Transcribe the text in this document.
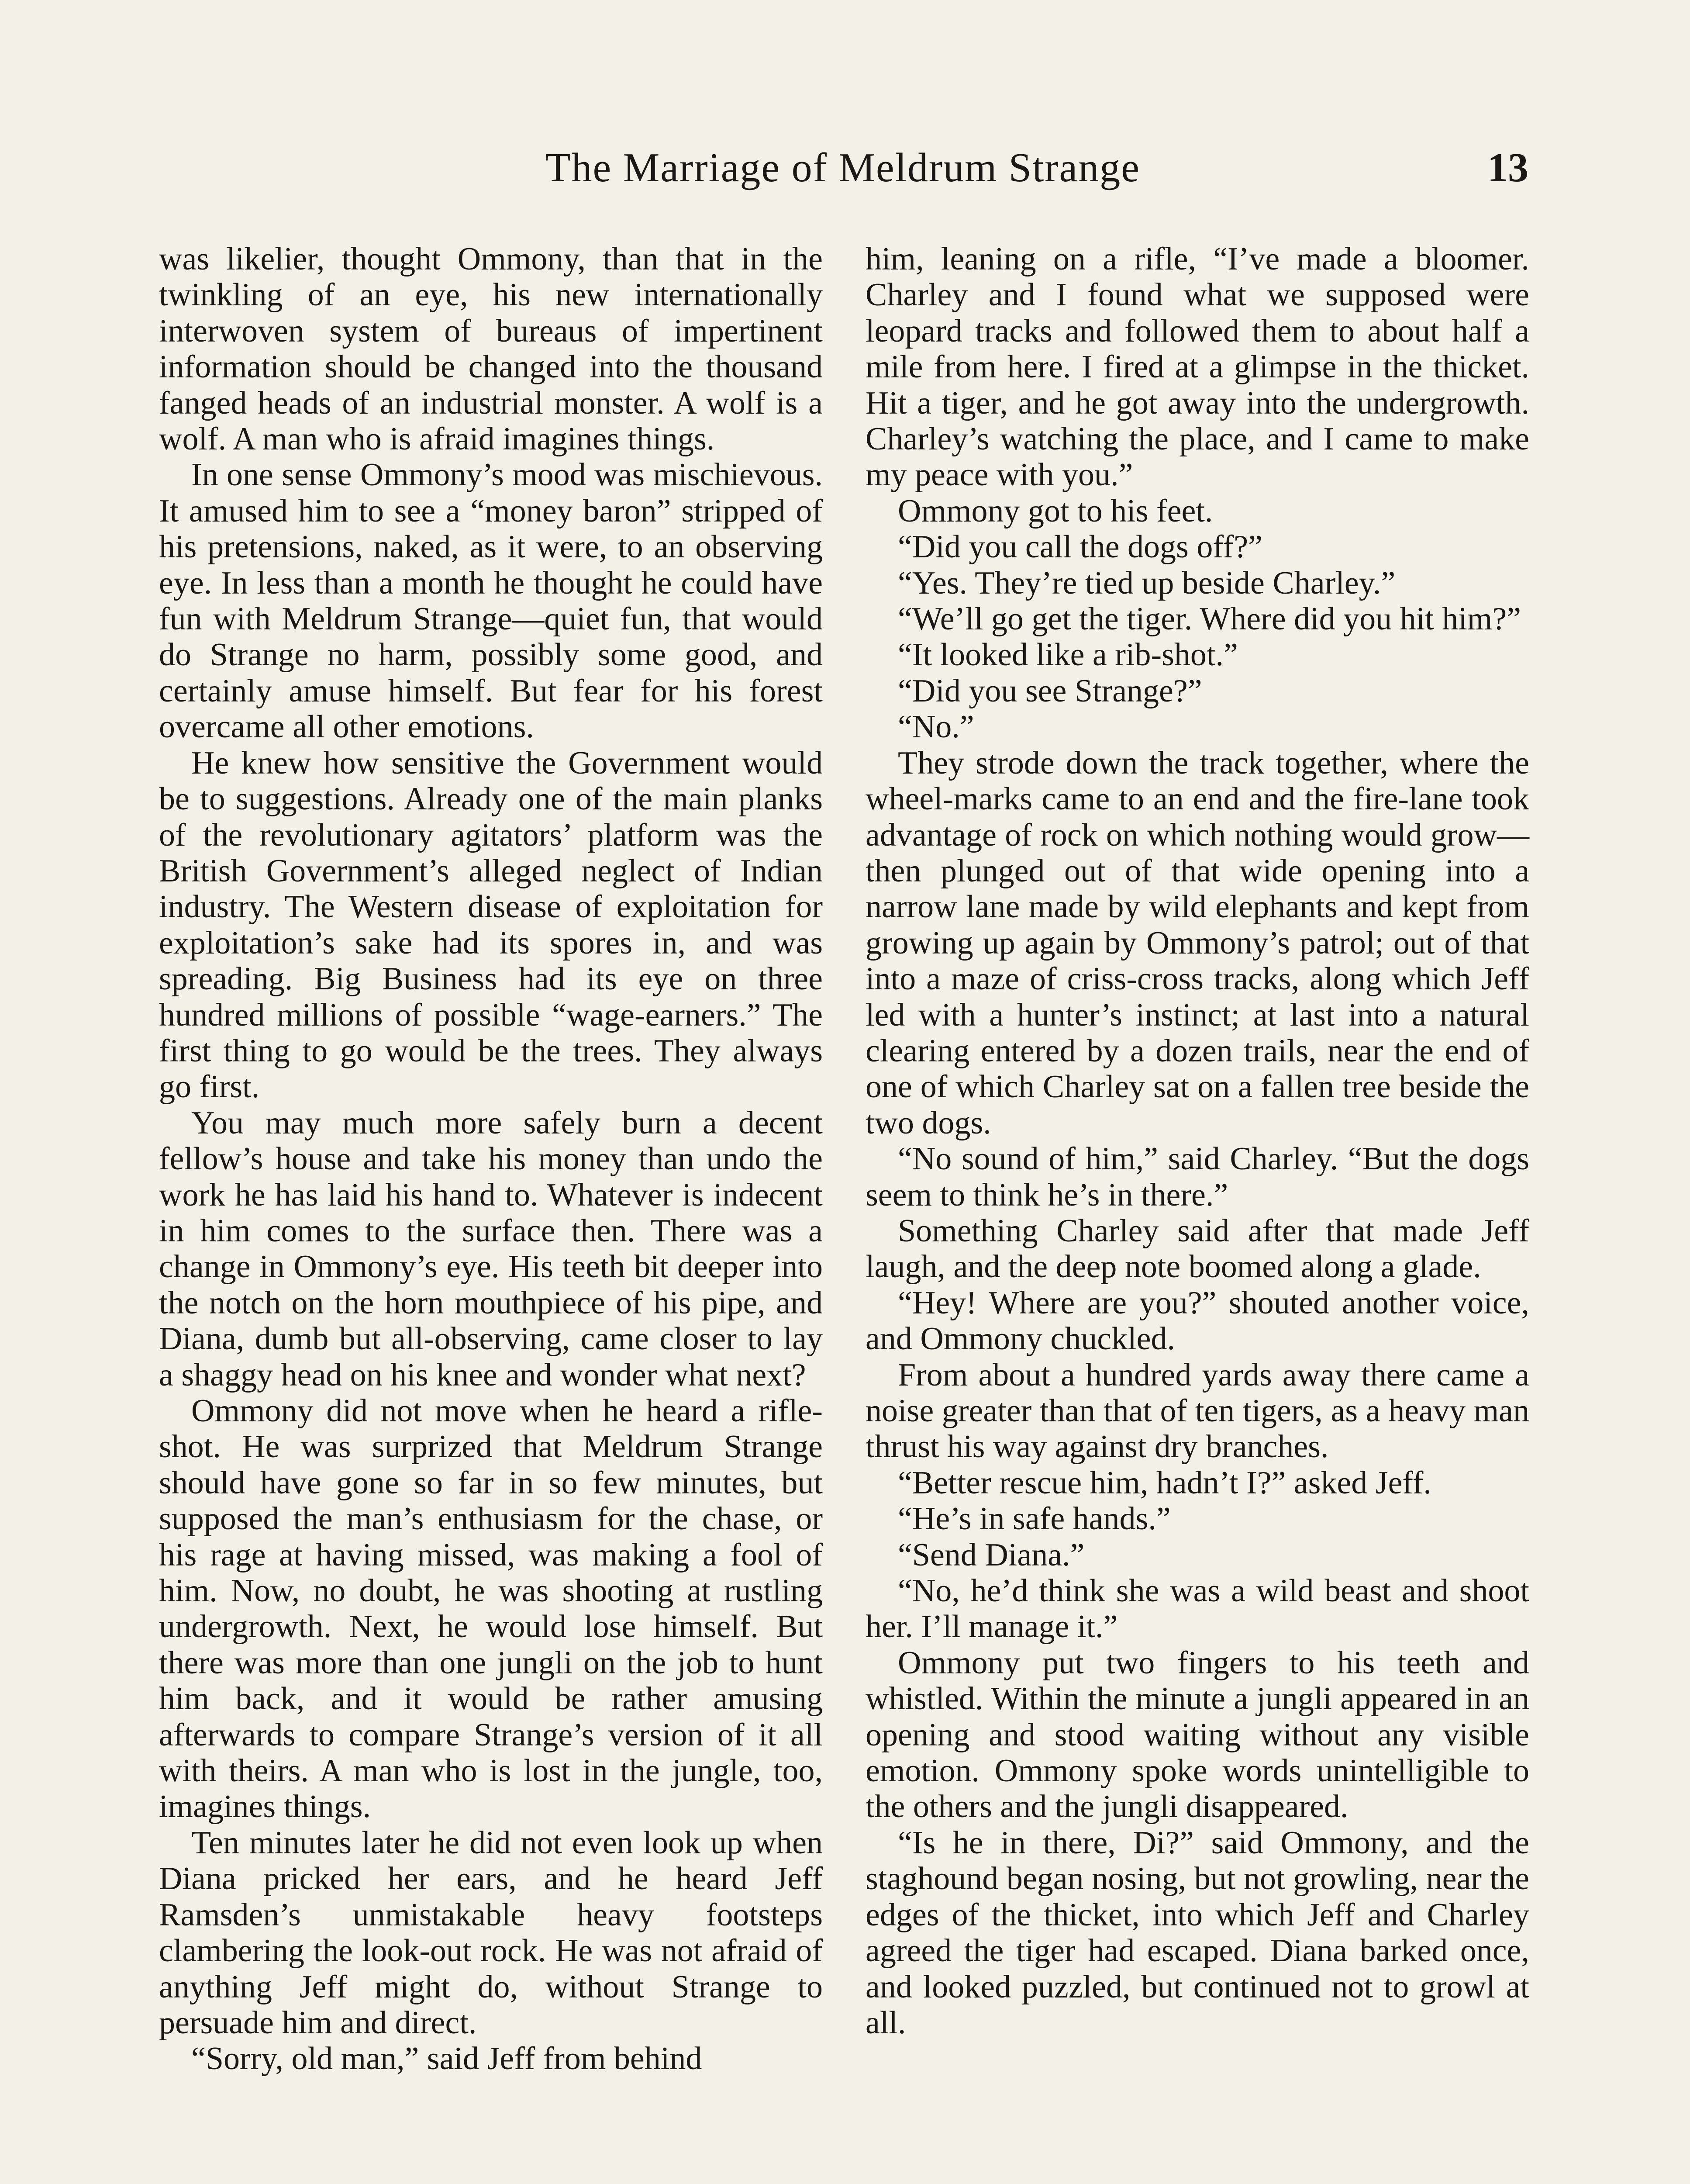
The Marriage of Meldrum Strange	13

was likelier, thought Ommony, than that in the twinkling of an eye, his new internationally interwoven system of bureaus of impertinent information should be changed into the thousand fanged heads of an industrial monster. A wolf is a wolf. A man who is afraid imagines things.

In one sense Ommony’s mood was mischievous. It amused him to see a “money baron” stripped of his pretensions, naked, as it were, to an observing eye. In less than a month he thought he could have fun with Meldrum Strange—quiet fun, that would do Strange no harm, possibly some good, and certainly amuse himself. But fear for his forest overcame all other emotions.

He knew how sensitive the Government would be to suggestions. Already one of the main planks of the revolutionary agitators’ platform was the British Government’s alleged neglect of Indian industry. The Western disease of exploitation for exploitation’s sake had its spores in, and was spreading. Big Business had its eye on three hundred millions of possible “wage-earners.” The first thing to go would be the trees. They always go first.

You may much more safely burn a decent fellow’s house and take his money than undo the work he has laid his hand to. Whatever is indecent in him comes to the surface then. There was a change in Ommony’s eye. His teeth bit deeper into the notch on the horn mouthpiece of his pipe, and Diana, dumb but all-observing, came closer to lay a shaggy head on his knee and wonder what next?

Ommony did not move when he heard a rifle-shot. He was surprized that Meldrum Strange should have gone so far in so few minutes, but supposed the man’s enthusiasm for the chase, or his rage at having missed, was making a fool of him. Now, no doubt, he was shooting at rustling undergrowth. Next, he would lose himself. But there was more than one jungli on the job to hunt him back, and it would be rather amusing afterwards to compare Strange’s version of it all with theirs. A man who is lost in the jungle, too, imagines things.

Ten minutes later he did not even look up when Diana pricked her ears, and he heard Jeff Ramsden’s unmistakable heavy footsteps clambering the look-out rock. He was not afraid of anything Jeff might do, without Strange to persuade him and direct.

“Sorry, old man,” said Jeff from behind

him, leaning on a rifle, “I’ve made a bloomer. Charley and I found what we supposed were leopard tracks and followed them to about half a mile from here. I fired at a glimpse in the thicket. Hit a tiger, and he got away into the undergrowth. Charley’s watching the place, and I came to make my peace with you.”

Ommony got to his feet.

“Did you call the dogs off?”

“Yes. They’re tied up beside Charley.”

“We’ll go get the tiger. Where did you hit him?”

“It looked like a rib-shot.”

“Did you see Strange?”

“No.”

They strode down the track together, where the wheel-marks came to an end and the fire-lane took advantage of rock on which nothing would grow—then plunged out of that wide opening into a narrow lane made by wild elephants and kept from growing up again by Ommony’s patrol; out of that into a maze of criss-cross tracks, along which Jeff led with a hunter’s instinct; at last into a natural clearing entered by a dozen trails, near the end of one of which Charley sat on a fallen tree beside the two dogs.

“No sound of him,” said Charley. “But the dogs seem to think he’s in there.”

Something Charley said after that made Jeff laugh, and the deep note boomed along a glade.

“Hey! Where are you?” shouted another voice, and Ommony chuckled.

From about a hundred yards away there came a noise greater than that of ten tigers, as a heavy man thrust his way against dry branches.

“Better rescue him, hadn’t I?” asked Jeff.

“He’s in safe hands.”

“Send Diana.”

“No, he’d think she was a wild beast and shoot her. I’ll manage it.”

Ommony put two fingers to his teeth and whistled. Within the minute a jungli appeared in an opening and stood waiting without any visible emotion. Ommony spoke words unintelligible to the others and the jungli disappeared.

“Is he in there, Di?” said Ommony, and the staghound began nosing, but not growling, near the edges of the thicket, into which Jeff and Charley agreed the tiger had escaped. Diana barked once, and looked puzzled, but continued not to growl at all.
